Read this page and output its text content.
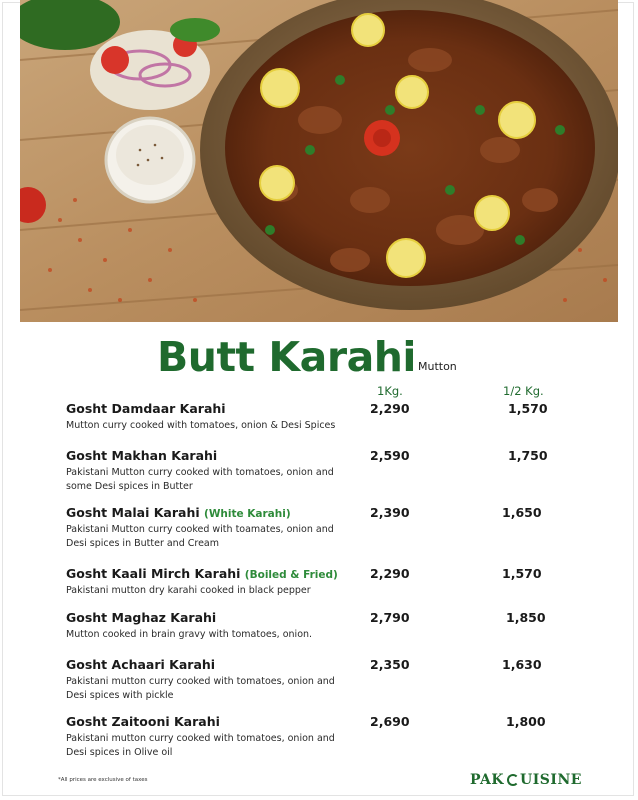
Butt Karahi Mutton
1Kg.	1/2 Kg.
Gosht Damdaar Karahi
Mutton curry cooked with tomatoes, onion & Desi Spices
2,290	1,570
Gosht Makhan Karahi
Pakistani Mutton curry cooked with tomatoes, onion and some Desi spices in Butter
2,590	1,750
Gosht Malai Karahi (White Karahi)
Pakistani Mutton curry cooked with toamates, onion and Desi spices in Butter and Cream
2,390	1,650
Gosht Kaali Mirch Karahi (Boiled & Fried)
Pakistani mutton dry karahi cooked in black pepper
2,290	1,570
Gosht Maghaz Karahi
Mutton cooked in brain gravy with tomatoes, onion.
2,790	1,850
Gosht Achaari Karahi
Pakistani mutton curry cooked with tomatoes, onion and Desi spices with pickle
2,350	1,630
Gosht Zaitooni Karahi
Pakistani mutton curry cooked with tomatoes, onion and Desi spices in Olive oil
2,690	1,800
*All prices are exclusive of taxes	PAK UISINE
